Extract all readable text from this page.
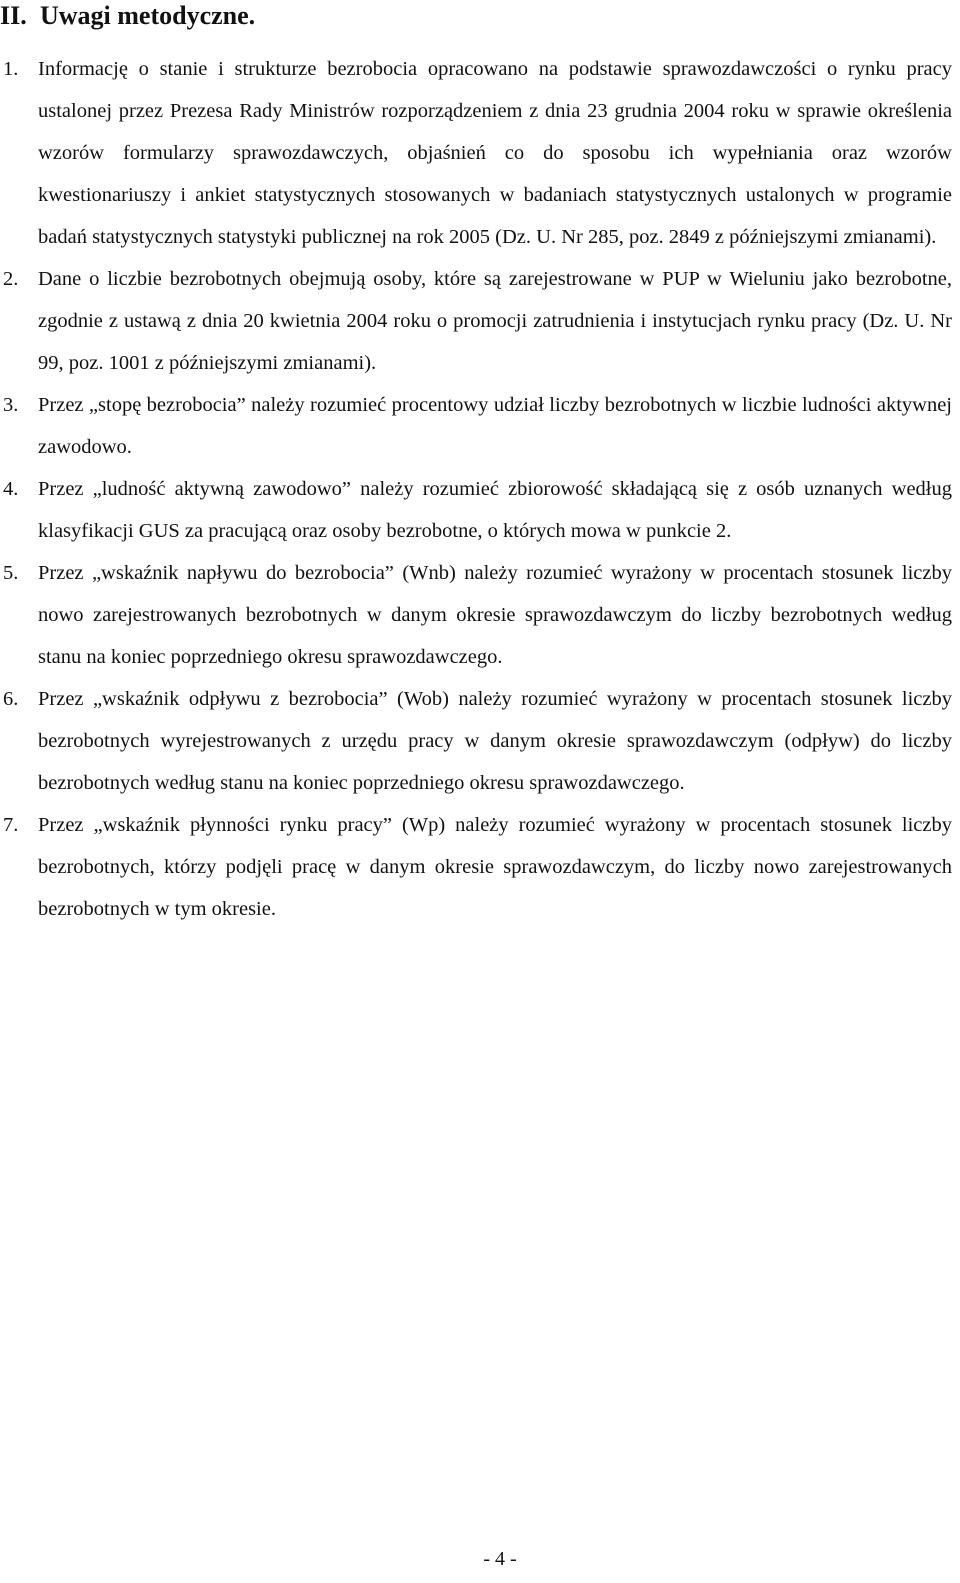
II. Uwagi metodyczne.
1. Informację o stanie i strukturze bezrobocia opracowano na podstawie sprawozdawczości o rynku pracy ustalonej przez Prezesa Rady Ministrów rozporządzeniem z dnia 23 grudnia 2004 roku w sprawie określenia wzorów formularzy sprawozdawczych, objaśnień co do sposobu ich wypełniania oraz wzorów kwestionariuszy i ankiet statystycznych stosowanych w badaniach statystycznych ustalonych w programie badań statystycznych statystyki publicznej na rok 2005 (Dz. U. Nr 285, poz. 2849 z późniejszymi zmianami).
2. Dane o liczbie bezrobotnych obejmują osoby, które są zarejestrowane w PUP w Wieluniu jako bezrobotne, zgodnie z ustawą z dnia 20 kwietnia 2004 roku o promocji zatrudnienia i instytucjach rynku pracy (Dz. U. Nr 99, poz. 1001 z późniejszymi zmianami).
3. Przez „stopę bezrobocia” należy rozumieć procentowy udział liczby bezrobotnych w liczbie ludności aktywnej zawodowo.
4. Przez „ludność aktywną zawodowo” należy rozumieć zbiorowość składającą się z osób uznanych według klasyfikacji GUS za pracującą oraz osoby bezrobotne, o których mowa w punkcie 2.
5. Przez „wskaźnik napływu do bezrobocia” (Wnb) należy rozumieć wyrażony w procentach stosunek liczby nowo zarejestrowanych bezrobotnych w danym okresie sprawozdawczym do liczby bezrobotnych według stanu na koniec poprzedniego okresu sprawozdawczego.
6. Przez „wskaźnik odpływu z bezrobocia” (Wob) należy rozumieć wyrażony w procentach stosunek liczby bezrobotnych wyrejestrowanych z urzędu pracy w danym okresie sprawozdawczym (odpływ) do liczby bezrobotnych według stanu na koniec poprzedniego okresu sprawozdawczego.
7. Przez „wskaźnik płynności rynku pracy” (Wp) należy rozumieć wyrażony w procentach stosunek liczby bezrobotnych, którzy podjęli pracę w danym okresie sprawozdawczym, do liczby nowo zarejestrowanych bezrobotnych w tym okresie.
- 4 -
